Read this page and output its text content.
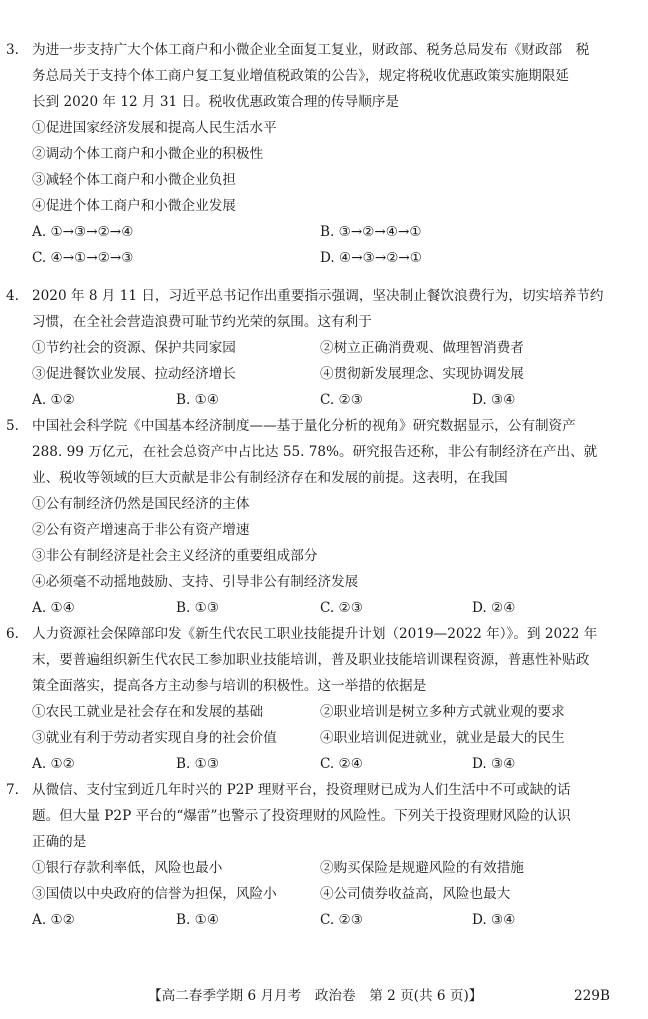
3. 为进一步支持广大个体工商户和小微企业全面复工复业，财政部、税务总局发布《财政部　税
务总局关于支持个体工商户复工复业增值税政策的公告》，规定将税收优惠政策实施期限延
长到 2020 年 12 月 31 日。税收优惠政策合理的传导顺序是
①促进国家经济发展和提高人民生活水平
②调动个体工商户和小微企业的积极性
③减轻个体工商户和小微企业负担
④促进个体工商户和小微企业发展
A. ①→③→②→④	B. ③→②→④→①
C. ④→①→②→③	D. ④→③→②→①
4. 2020 年 8 月 11 日，习近平总书记作出重要指示强调，坚决制止餐饮浪费行为，切实培养节约
习惯，在全社会营造浪费可耻节约光荣的氛围。这有利于
①节约社会的资源、保护共同家园	②树立正确消费观、做理智消费者
③促进餐饮业发展、拉动经济增长	④贯彻新发展理念、实现协调发展
A. ①②	B. ①④	C. ②③	D. ③④
5. 中国社会科学院《中国基本经济制度——基于量化分析的视角》研究数据显示，公有制资产
288. 99 万亿元，在社会总资产中占比达 55. 78%。研究报告还称，非公有制经济在产出、就
业、税收等领域的巨大贡献是非公有制经济存在和发展的前提。这表明，在我国
①公有制经济仍然是国民经济的主体
②公有资产增速高于非公有资产增速
③非公有制经济是社会主义经济的重要组成部分
④必须毫不动摇地鼓励、支持、引导非公有制经济发展
A. ①④	B. ①③	C. ②③	D. ②④
6. 人力资源社会保障部印发《新生代农民工职业技能提升计划（2019—2022 年）》。到 2022 年
末，要普遍组织新生代农民工参加职业技能培训，普及职业技能培训课程资源，普惠性补贴政
策全面落实，提高各方主动参与培训的积极性。这一举措的依据是
①农民工就业是社会存在和发展的基础	②职业培训是树立多种方式就业观的要求
③就业有利于劳动者实现自身的社会价值	④职业培训促进就业，就业是最大的民生
A. ①②	B. ①③	C. ②④	D. ③④
7. 从微信、支付宝到近几年时兴的 P2P 理财平台，投资理财已成为人们生活中不可或缺的话
题。但大量 P2P 平台的“爆雷”也警示了投资理财的风险性。下列关于投资理财风险的认识
正确的是
①银行存款利率低，风险也最小	②购买保险是规避风险的有效措施
③国债以中央政府的信誉为担保，风险小	④公司债券收益高，风险也最大
A. ①②	B. ①④	C. ②③	D. ③④
【高二春季学期 6 月月考　政治卷　第 2 页(共 6 页)】	229B
